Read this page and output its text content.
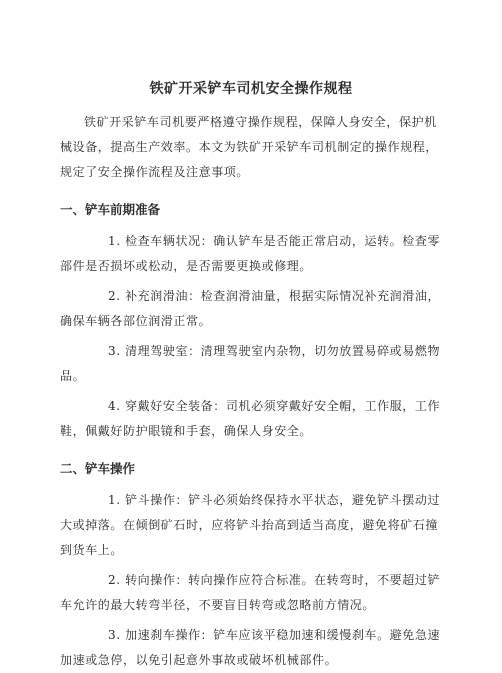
铁矿开采铲车司机安全操作规程

铁矿开采铲车司机要严格遵守操作规程，保障人身安全，保护机械设备，提高生产效率。本文为铁矿开采铲车司机制定的操作规程，规定了安全操作流程及注意事项。

一、铲车前期准备

1. 检查车辆状况：确认铲车是否能正常启动，运转。检查零部件是否损坏或松动，是否需要更换或修理。

2. 补充润滑油：检查润滑油量，根据实际情况补充润滑油，确保车辆各部位润滑正常。

3. 清理驾驶室：清理驾驶室内杂物，切勿放置易碎或易燃物品。

4. 穿戴好安全装备：司机必须穿戴好安全帽，工作服，工作鞋，佩戴好防护眼镜和手套，确保人身安全。

二、铲车操作

1. 铲斗操作：铲斗必须始终保持水平状态，避免铲斗摆动过大或掉落。在倾倒矿石时，应将铲斗抬高到适当高度，避免将矿石撞到货车上。

2. 转向操作：转向操作应符合标准。在转弯时，不要超过铲车允许的最大转弯半径，不要盲目转弯或忽略前方情况。

3. 加速刹车操作：铲车应该平稳加速和缓慢刹车。避免急速加速或急停，以免引起意外事故或破坏机械部件。
